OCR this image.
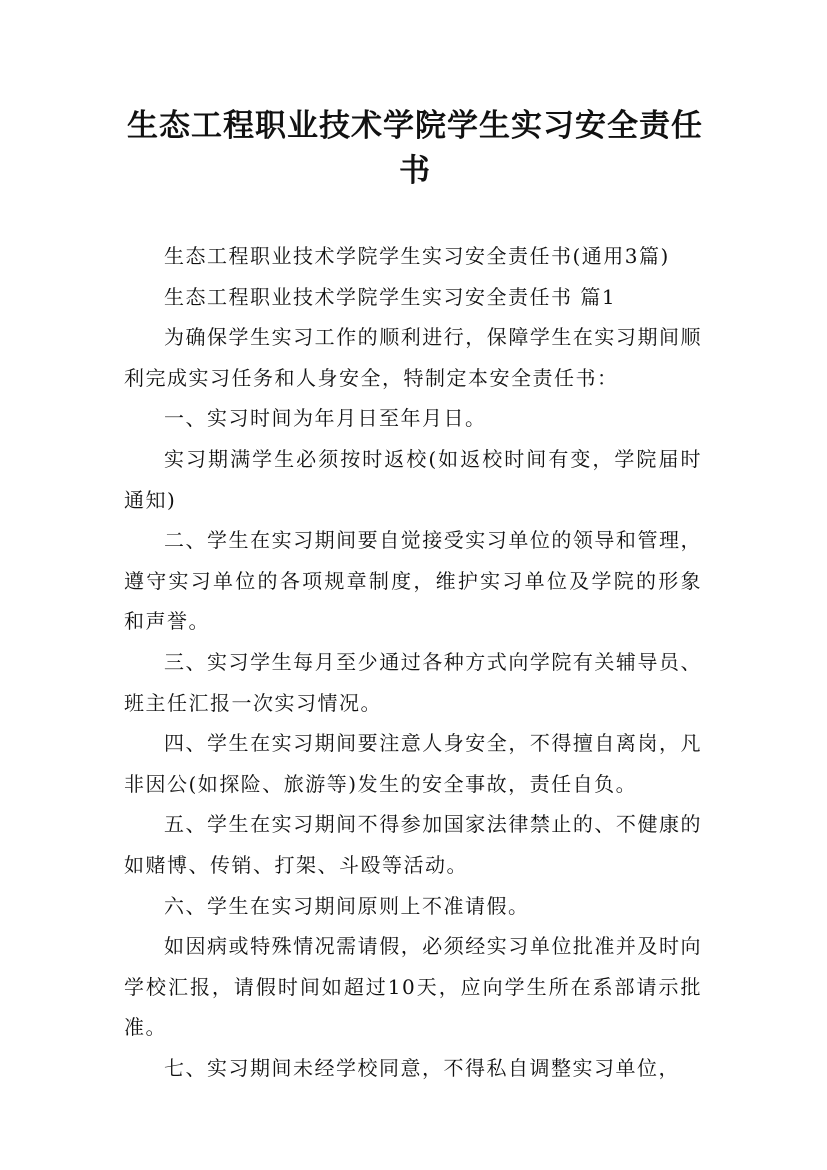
生态工程职业技术学院学生实习安全责任书

生态工程职业技术学院学生实习安全责任书(通用3篇)

生态工程职业技术学院学生实习安全责任书 篇1

为确保学生实习工作的顺利进行，保障学生在实习期间顺利完成实习任务和人身安全，特制定本安全责任书：

一、实习时间为年月日至年月日。

实习期满学生必须按时返校(如返校时间有变，学院届时通知)

二、学生在实习期间要自觉接受实习单位的领导和管理，遵守实习单位的各项规章制度，维护实习单位及学院的形象和声誉。

三、实习学生每月至少通过各种方式向学院有关辅导员、班主任汇报一次实习情况。

四、学生在实习期间要注意人身安全，不得擅自离岗，凡非因公(如探险、旅游等)发生的安全事故，责任自负。

五、学生在实习期间不得参加国家法律禁止的、不健康的如赌博、传销、打架、斗殴等活动。

六、学生在实习期间原则上不准请假。

如因病或特殊情况需请假，必须经实习单位批准并及时向学校汇报，请假时间如超过10天，应向学生所在系部请示批准。

七、实习期间未经学校同意，不得私自调整实习单位，
